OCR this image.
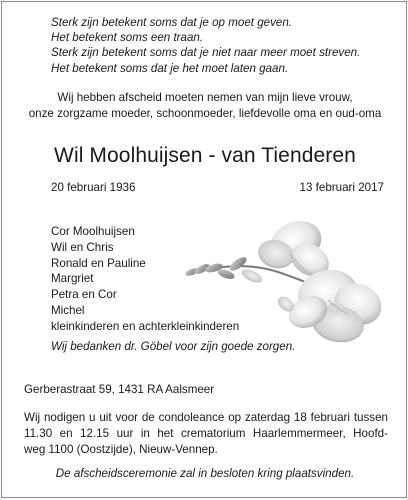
Sterk zijn betekent soms dat je op moet geven.
Het betekent soms een traan.
Sterk zijn betekent soms dat je niet naar meer moet streven.
Het betekent soms dat je het moet laten gaan.
Wij hebben afscheid moeten nemen van mijn lieve vrouw,
onze zorgzame moeder, schoonmoeder, liefdevolle oma en oud-oma
Wil Moolhuijsen - van Tienderen
20 februari 1936	13 februari 2017
Cor Moolhuijsen
Wil en Chris
Ronald en Pauline
Margriet
Petra en Cor
Michel
kleinkinderen en achterkleinkinderen
Wij bedanken dr. Göbel voor zijn goede zorgen.
Gerberastraat 59, 1431 RA Aalsmeer
Wij nodigen u uit voor de condoleance op zaterdag 18 februari tussen
11.30 en 12.15 uur in het crematorium Haarlemmermeer, Hoofd-
weg 1100 (Oostzijde), Nieuw-Vennep.
De afscheidsceremonie zal in besloten kring plaatsvinden.
